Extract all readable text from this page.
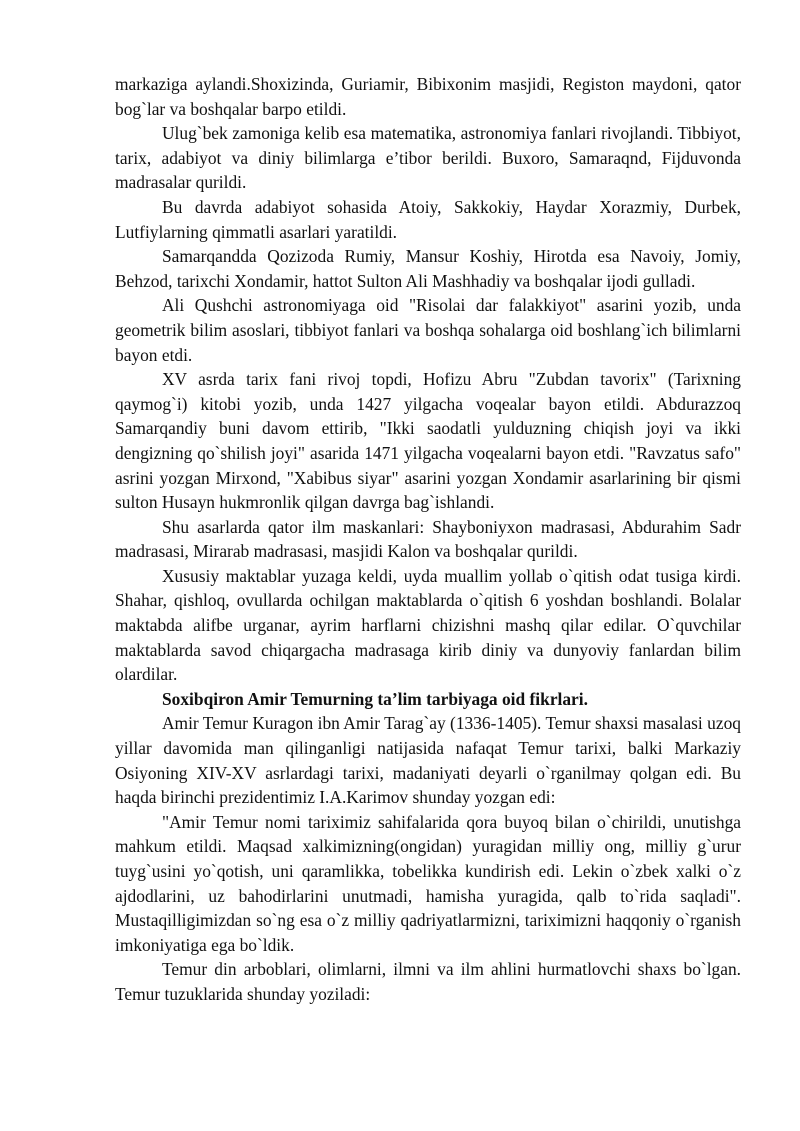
markaziga aylandi.Shoxizinda, Guriamir, Bibixonim masjidi, Registon maydoni, qator bog`lar va boshqalar barpo etildi.

Ulug`bek zamoniga kelib esa matematika, astronomiya fanlari rivojlandi. Tibbiyot, tarix, adabiyot va diniy bilimlarga e’tibor berildi. Buxoro, Samaraqnd, Fijduvonda madrasalar qurildi.

Bu davrda adabiyot sohasida Atoiy, Sakkokiy, Haydar Xorazmiy, Durbek, Lutfiylarning qimmatli asarlari yaratildi.

Samarqandda Qozizoda Rumiy, Mansur Koshiy, Hirotda esa Navoiy, Jomiy, Behzod, tarixchi Xondamir, hattot Sulton Ali Mashhadiy va boshqalar ijodi gulladi.

Ali Qushchi astronomiyaga oid "Risolai dar falakkiyot" asarini yozib, unda geometrik bilim asoslari, tibbiyot fanlari va boshqa sohalarga oid boshlang`ich bilimlarni bayon etdi.

XV asrda tarix fani rivoj topdi, Hofizu Abru "Zubdan tavorix" (Tarixning qaymog`i) kitobi yozib, unda 1427 yilgacha voqealar bayon etildi. Abdurazzoq Samarqandiy buni davom ettirib, "Ikki saodatli yulduzning chiqish joyi va ikki dengizning qo`shilish joyi" asarida 1471 yilgacha voqealarni bayon etdi. "Ravzatus safo" asrini yozgan Mirxond, "Xabibus siyar" asarini yozgan Xondamir asarlarining bir qismi sulton Husayn hukmronlik qilgan davrga bag`ishlandi.

Shu asarlarda qator ilm maskanlari: Shayboniyxon madrasasi, Abdurahim Sadr madrasasi, Mirarab madrasasi, masjidi Kalon va boshqalar qurildi.

Xususiy maktablar yuzaga keldi, uyda muallim yollab o`qitish odat tusiga kirdi. Shahar, qishloq, ovullarda ochilgan maktablarda o`qitish 6 yoshdan boshlandi. Bolalar maktabda alifbe urganar, ayrim harflarni chizishni mashq qilar edilar. O`quvchilar maktablarda savod chiqargacha madrasaga kirib diniy va dunyoviy fanlardan bilim olardilar.

Soxibqiron Amir Temurning ta’lim tarbiyaga oid fikrlari.

Amir Temur Kuragon ibn Amir Tarag`ay (1336-1405). Temur shaxsi masalasi uzoq yillar davomida man qilinganligi natijasida nafaqat Temur tarixi, balki Markaziy Osiyoning XIV-XV asrlardagi tarixi, madaniyati deyarli o`rganilmay qolgan edi. Bu haqda birinchi prezidentimiz I.A.Karimov shunday yozgan edi:

"Amir Temur nomi tariximiz sahifalarida qora buyoq bilan o`chirildi, unutishga mahkum etildi. Maqsad xalkimizning(ongidan) yuragidan milliy ong, milliy g`urur tuyg`usini yo`qotish, uni qaramlikka, tobelikka kundirish edi. Lekin o`zbek xalki o`z ajdodlarini, uz bahodirlarini unutmadi, hamisha yuragida, qalb to`rida saqladi". Mustaqilligimizdan so`ng esa o`z milliy qadriyatlarmizni, tariximizni haqqoniy o`rganish imkoniyatiga ega bo`ldik.

Temur din arboblari, olimlarni, ilmni va ilm ahlini hurmatlovchi shaxs bo`lgan. Temur tuzuklarida shunday yoziladi:
